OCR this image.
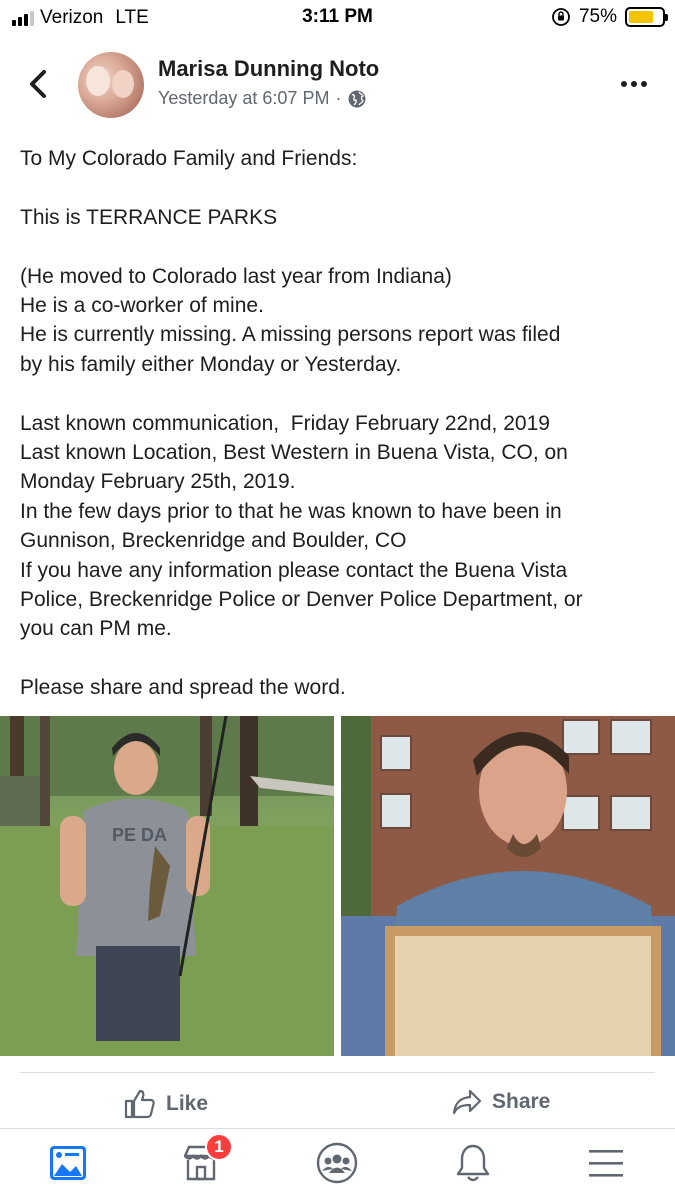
Verizon LTE	3:11 PM	75%
Marisa Dunning Noto
Yesterday at 6:07 PM ·

To My Colorado Family and Friends:

This is TERRANCE PARKS

(He moved to Colorado last year from Indiana)

He is a co-worker of mine.

He is currently missing. A missing persons report was filed

by his family either Monday or Yesterday.

Last known communication,  Friday February 22nd, 2019

Last known Location, Best Western in Buena Vista, CO, on

Monday February 25th, 2019.

In the few days prior to that he was known to have been in

Gunnison, Breckenridge and Boulder, CO

If you have any information please contact the Buena Vista

Police, Breckenridge Police or Denver Police Department, or

you can PM me.

Please share and spread the word.

PE DA
Like	Share
1
